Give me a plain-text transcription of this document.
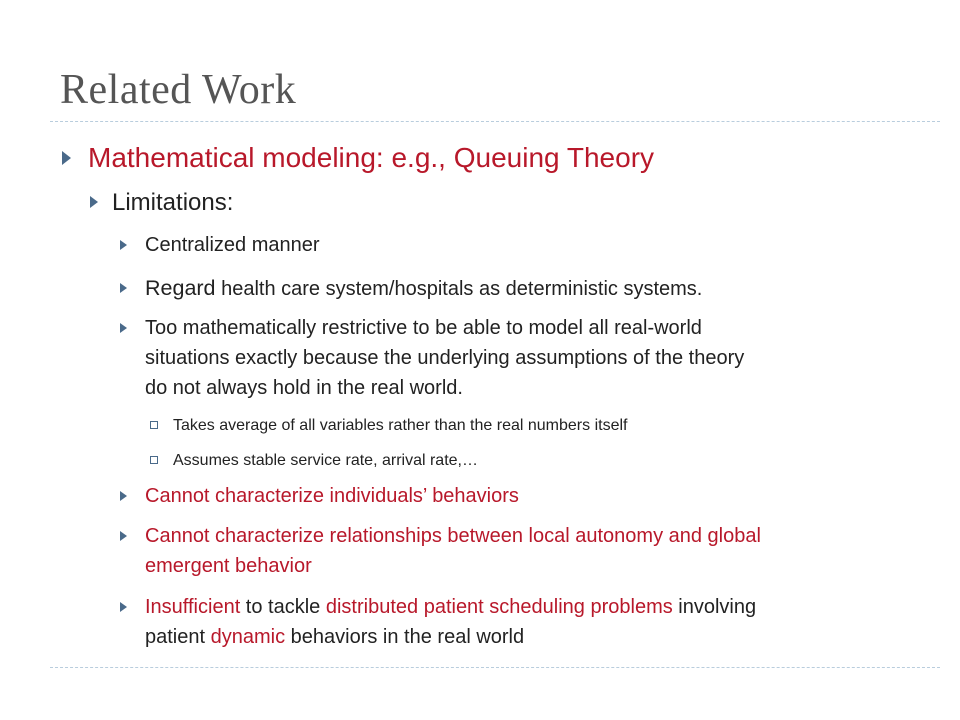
Related Work
Mathematical modeling: e.g., Queuing Theory
Limitations:
Centralized manner
Regard health care system/hospitals as deterministic systems.
Too mathematically restrictive to be able to model all real-world
situations exactly because the underlying assumptions of the theory
do not always hold in the real world.
Takes average of all variables rather than the real numbers itself
Assumes stable service rate, arrival rate,…
Cannot characterize individuals’ behaviors
Cannot characterize relationships between local autonomy and global
emergent behavior
Insufficient to tackle distributed patient scheduling problems involving
patient dynamic behaviors in the real world
